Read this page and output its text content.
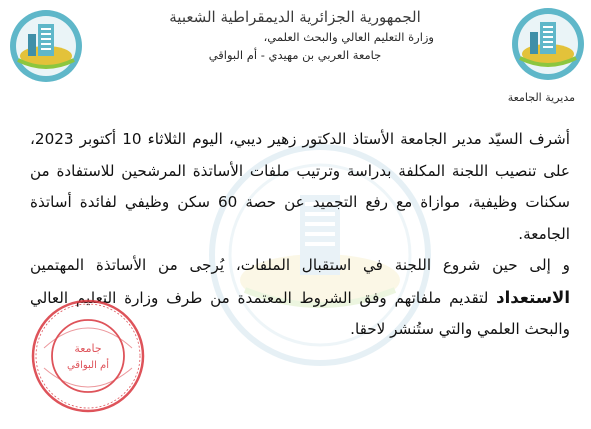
الجمهورية الجزائرية الديمقراطية الشعبية
وزارة التعليم العالي والبحث العلمي،
جامعة العربي بن مهيدي - أم البواقي
مديرية الجامعة

أشرف السيّد مدير الجامعة الأستاذ الدكتور زهير ديبي، اليوم الثلاثاء 10 أكتوبر 2023، على تنصيب اللجنة المكلفة بدراسة وترتيب ملفات الأساتذة المرشحين للاستفادة من سكنات وظيفية، موازاة مع رفع التجميد عن حصة 60 سكن وظيفي لفائدة أساتذة الجامعة.

و إلى حين شروع اللجنة في استقبال الملفات، يُرجى من الأساتذة المهتمين الاستعداد لتقديم ملفاتهم وفق الشروط المعتمدة من طرف وزارة التعليم العالي والبحث العلمي والتي ستُنشر لاحقا.

جامعة
أم البواقي
